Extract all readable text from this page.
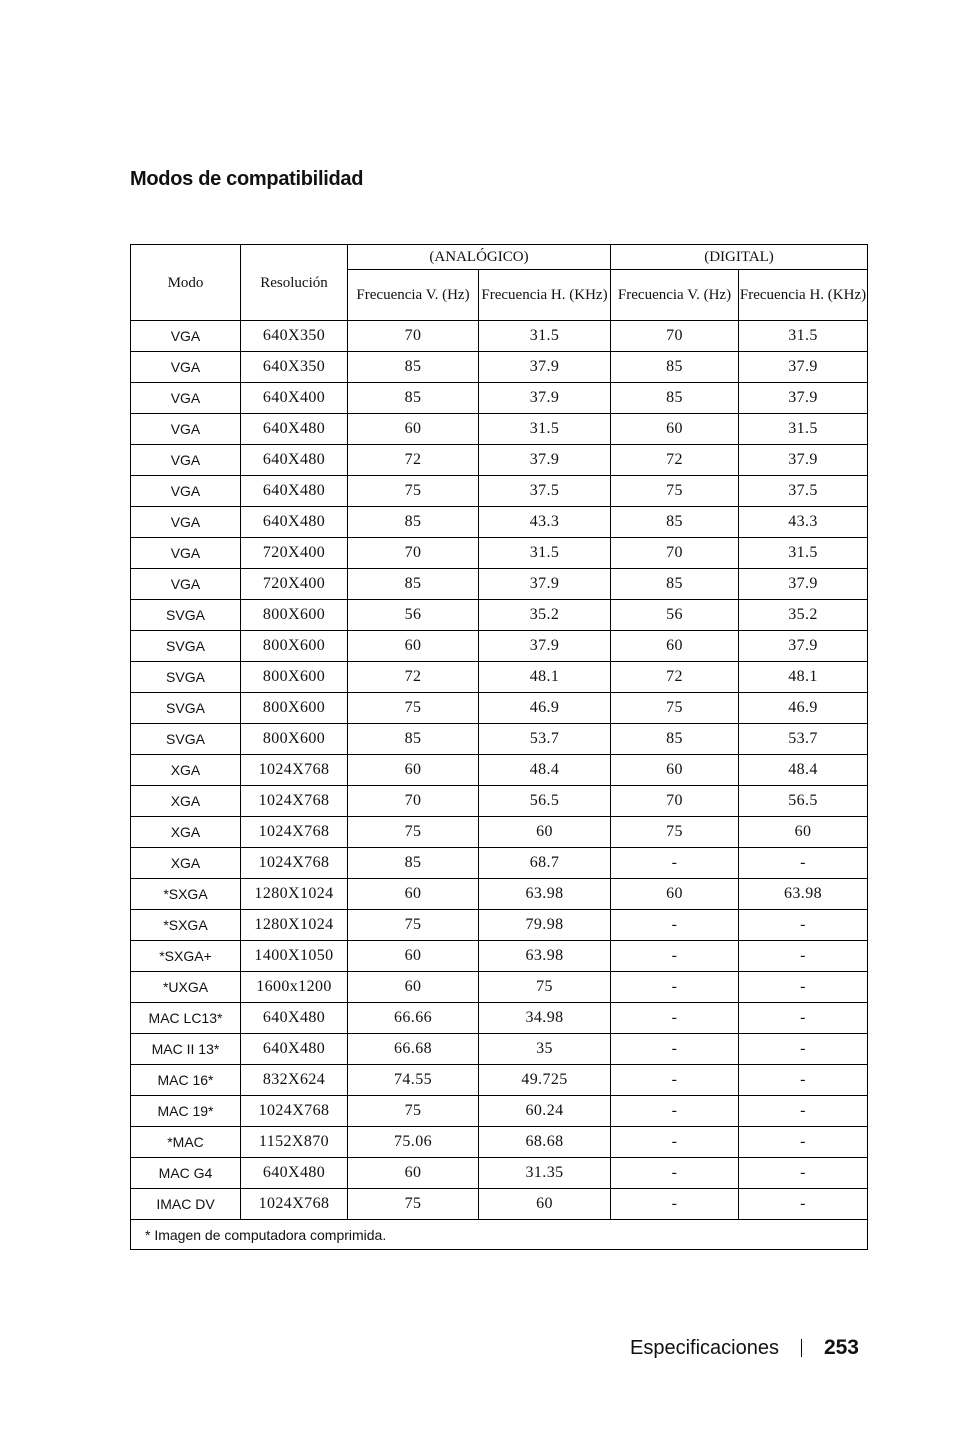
Modos de compatibilidad
Modo	Resolución	(ANALÓGICO)		(DIGITAL)	
		Frecuencia V. (Hz)	Frecuencia H. (KHz)	Frecuencia V. (Hz)	Frecuencia H. (KHz)
VGA	640X350	70	31.5	70	31.5
VGA	640X350	85	37.9	85	37.9
VGA	640X400	85	37.9	85	37.9
VGA	640X480	60	31.5	60	31.5
VGA	640X480	72	37.9	72	37.9
VGA	640X480	75	37.5	75	37.5
VGA	640X480	85	43.3	85	43.3
VGA	720X400	70	31.5	70	31.5
VGA	720X400	85	37.9	85	37.9
SVGA	800X600	56	35.2	56	35.2
SVGA	800X600	60	37.9	60	37.9
SVGA	800X600	72	48.1	72	48.1
SVGA	800X600	75	46.9	75	46.9
SVGA	800X600	85	53.7	85	53.7
XGA	1024X768	60	48.4	60	48.4
XGA	1024X768	70	56.5	70	56.5
XGA	1024X768	75	60	75	60
XGA	1024X768	85	68.7	-	-
*SXGA	1280X1024	60	63.98	60	63.98
*SXGA	1280X1024	75	79.98	-	-
*SXGA+	1400X1050	60	63.98	-	-
*UXGA	1600x1200	60	75	-	-
MAC LC13*	640X480	66.66	34.98	-	-
MAC II 13*	640X480	66.68	35	-	-
MAC 16*	832X624	74.55	49.725	-	-
MAC 19*	1024X768	75	60.24	-	-
*MAC	1152X870	75.06	68.68	-	-
MAC G4	640X480	60	31.35	-	-
IMAC DV	1024X768	75	60	-	-
* Imagen de computadora comprimida.					
Especificaciones 253
